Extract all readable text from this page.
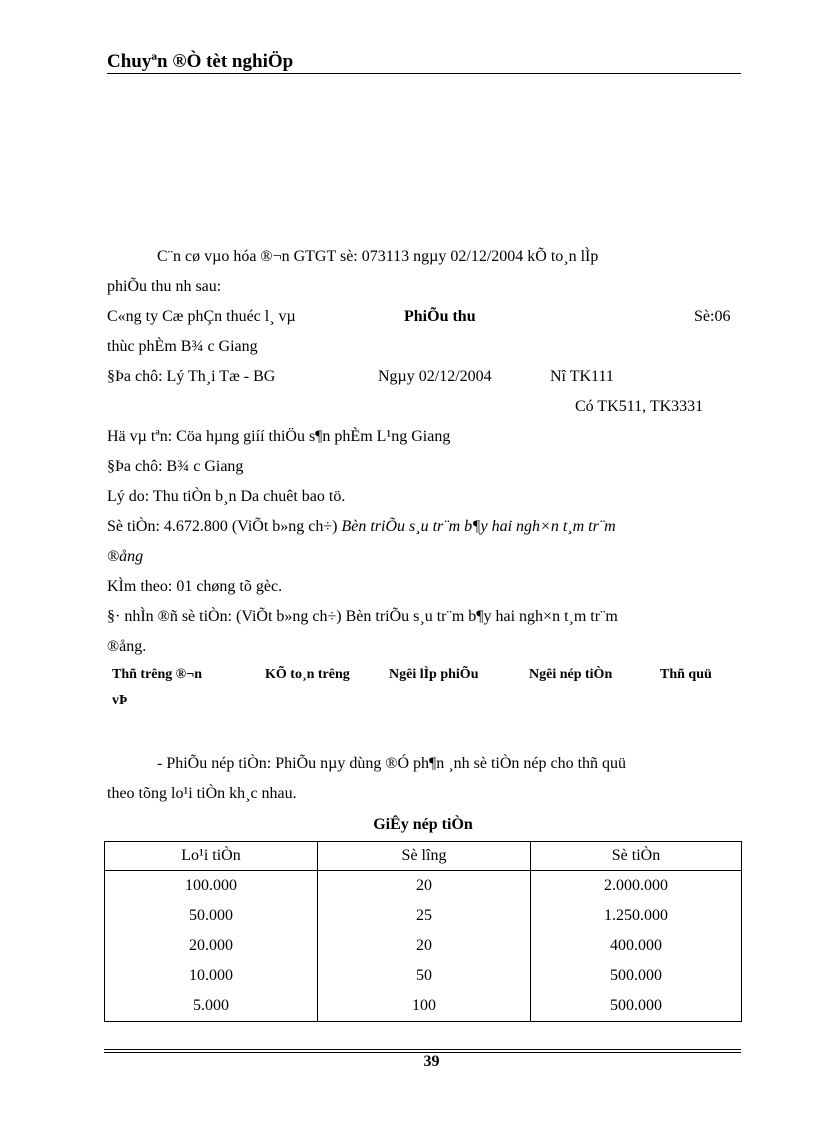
Chuyªn ®Ò tèt nghiÖp
C¨n cø vµo hóa ®¬n GTGT sè: 073113 ngµy 02/12/2004 kÕ to¸n lÌp
phiÕu thu nh sau:
C«ng ty Cæ phÇn thuéc l¸ vµ	PhiÕu thu	Sè:06
thùc phÈm B¾ c Giang
§Þa chô: Lý Th¸i Tæ - BG	Ngµy 02/12/2004	Nî TK111
Có TK511, TK3331
Hä vµ tªn: Cöa hµng giíí thiÖu s¶n phÈm L¹ng Giang
§Þa chô: B¾ c Giang
Lý do: Thu tiÒn b¸n Da chuêt bao tö.
Sè tiÒn: 4.672.800 (ViÕt b»ng ch÷) Bèn triÕu s¸u tr¨m b¶y hai ngh×n t¸m tr¨m
®ång
KÌm theo: 01 chøng tõ gèc.
§· nhÌn ®ñ sè tiÒn: (ViÕt b»ng ch÷) Bèn triÕu s¸u tr¨m b¶y hai ngh×n t¸m tr¨m
®ång.
Thñ trêng ®¬n	KÕ to¸n trêng	Ngêi lÌp phiÕu	Ngêi nép tiÒn	Thñ quü
vÞ
- PhiÕu nép tiÒn: PhiÕu nµy dùng ®Ó ph¶n ¸nh sè tiÒn nép cho thñ quü
theo tõng lo¹i tiÒn kh¸c nhau.
GiÊy nép tiÒn
Lo¹i tiÒn	Sè lîng	Sè tiÒn
100.000	20	2.000.000
50.000	25	1.250.000
20.000	20	400.000
10.000	50	500.000
5.000	100	500.000
39
